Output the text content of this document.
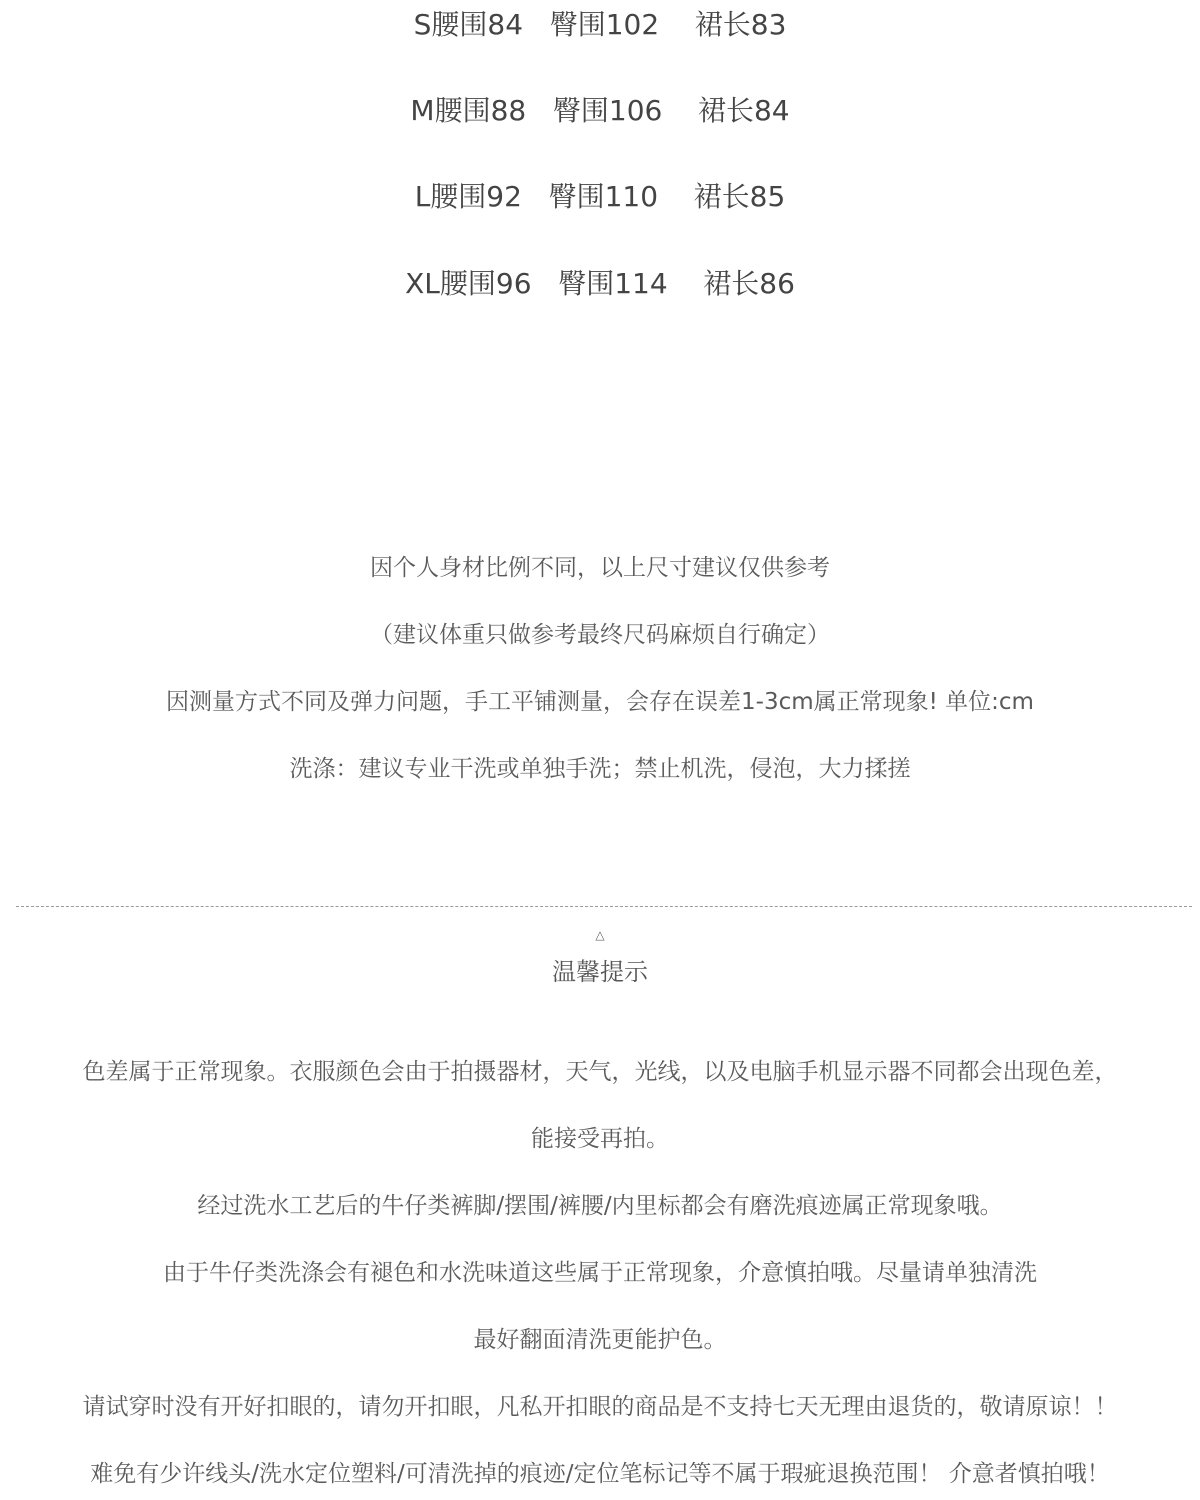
S腰围84   臀围102    裙长83
M腰围88   臀围106    裙长84
L腰围92   臀围110    裙长85
XL腰围96   臀围114    裙长86
因个人身材比例不同，以上尺寸建议仅供参考
（建议体重只做参考最终尺码麻烦自行确定）
因测量方式不同及弹力问题，手工平铺测量，会存在误差1-3cm属正常现象! 单位:cm
洗涤：建议专业干洗或单独手洗；禁止机洗，侵泡，大力揉搓
△
温馨提示
色差属于正常现象。衣服颜色会由于拍摄器材，天气，光线，以及电脑手机显示器不同都会出现色差，
能接受再拍。
经过洗水工艺后的牛仔类裤脚/摆围/裤腰/内里标都会有磨洗痕迹属正常现象哦。
由于牛仔类洗涤会有褪色和水洗味道这些属于正常现象，介意慎拍哦。尽量请单独清洗
最好翻面清洗更能护色。
请试穿时没有开好扣眼的，请勿开扣眼，凡私开扣眼的商品是不支持七天无理由退货的，敬请原谅！！
难免有少许线头/洗水定位塑料/可清洗掉的痕迹/定位笔标记等不属于瑕疵退换范围！ 介意者慎拍哦！
